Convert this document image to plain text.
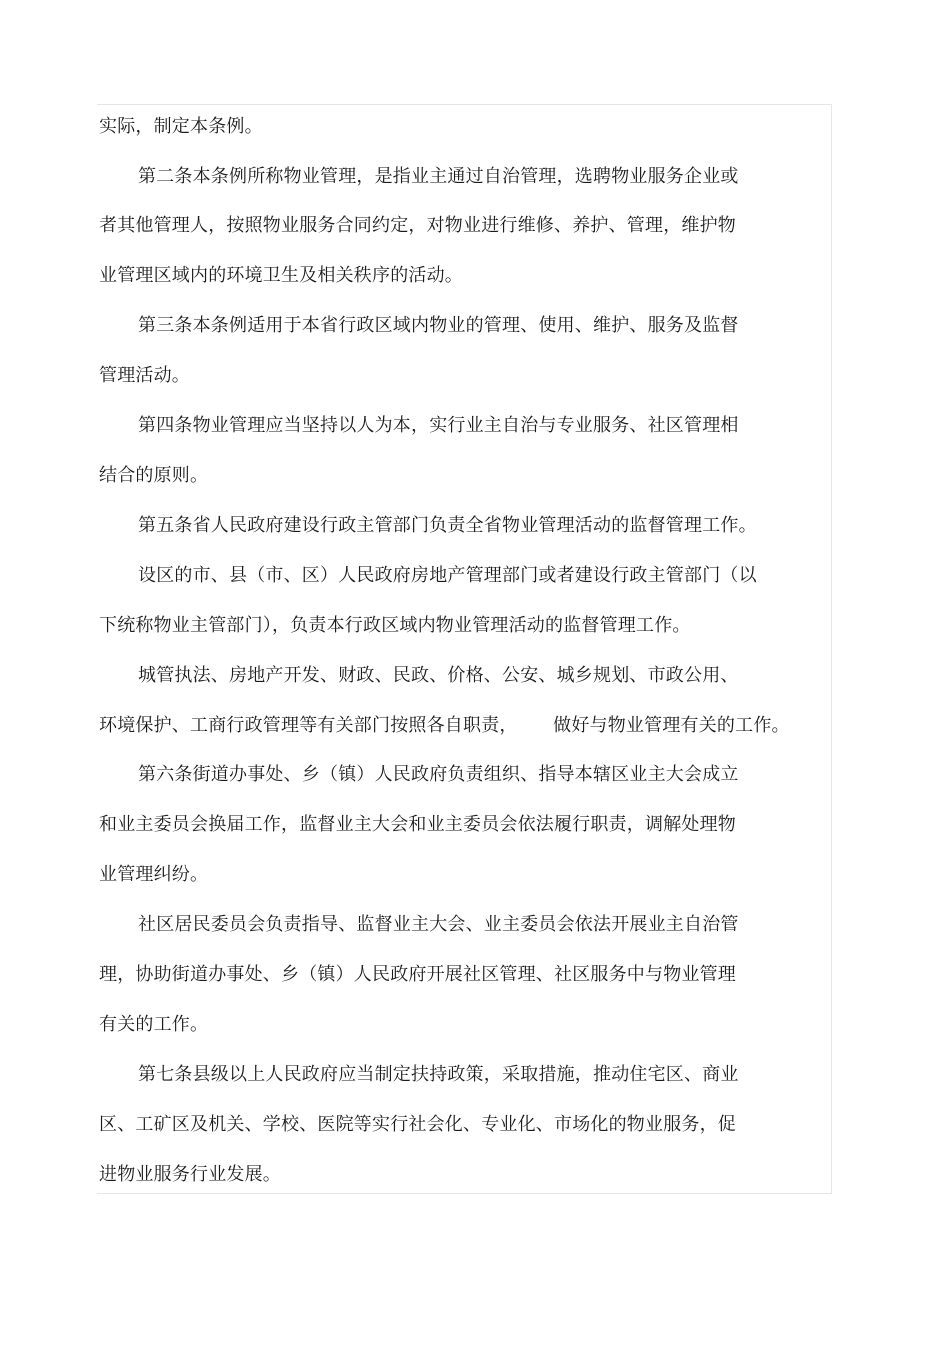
实际，制定本条例。
第二条本条例所称物业管理，是指业主通过自治管理，选聘物业服务企业或
者其他管理人，按照物业服务合同约定，对物业进行维修、养护、管理，维护物
业管理区域内的环境卫生及相关秩序的活动。
第三条本条例适用于本省行政区域内物业的管理、使用、维护、服务及监督
管理活动。
第四条物业管理应当坚持以人为本，实行业主自治与专业服务、社区管理相
结合的原则。
第五条省人民政府建设行政主管部门负责全省物业管理活动的监督管理工作。
设区的市、县（市、区）人民政府房地产管理部门或者建设行政主管部门（以
下统称物业主管部门），负责本行政区域内物业管理活动的监督管理工作。
城管执法、房地产开发、财政、民政、价格、公安、城乡规划、市政公用、
环境保护、工商行政管理等有关部门按照各自职责，      做好与物业管理有关的工作。
第六条街道办事处、乡（镇）人民政府负责组织、指导本辖区业主大会成立
和业主委员会换届工作，监督业主大会和业主委员会依法履行职责，调解处理物
业管理纠纷。
社区居民委员会负责指导、监督业主大会、业主委员会依法开展业主自治管
理，协助街道办事处、乡（镇）人民政府开展社区管理、社区服务中与物业管理
有关的工作。
第七条县级以上人民政府应当制定扶持政策，采取措施，推动住宅区、商业
区、工矿区及机关、学校、医院等实行社会化、专业化、市场化的物业服务，促
进物业服务行业发展。
